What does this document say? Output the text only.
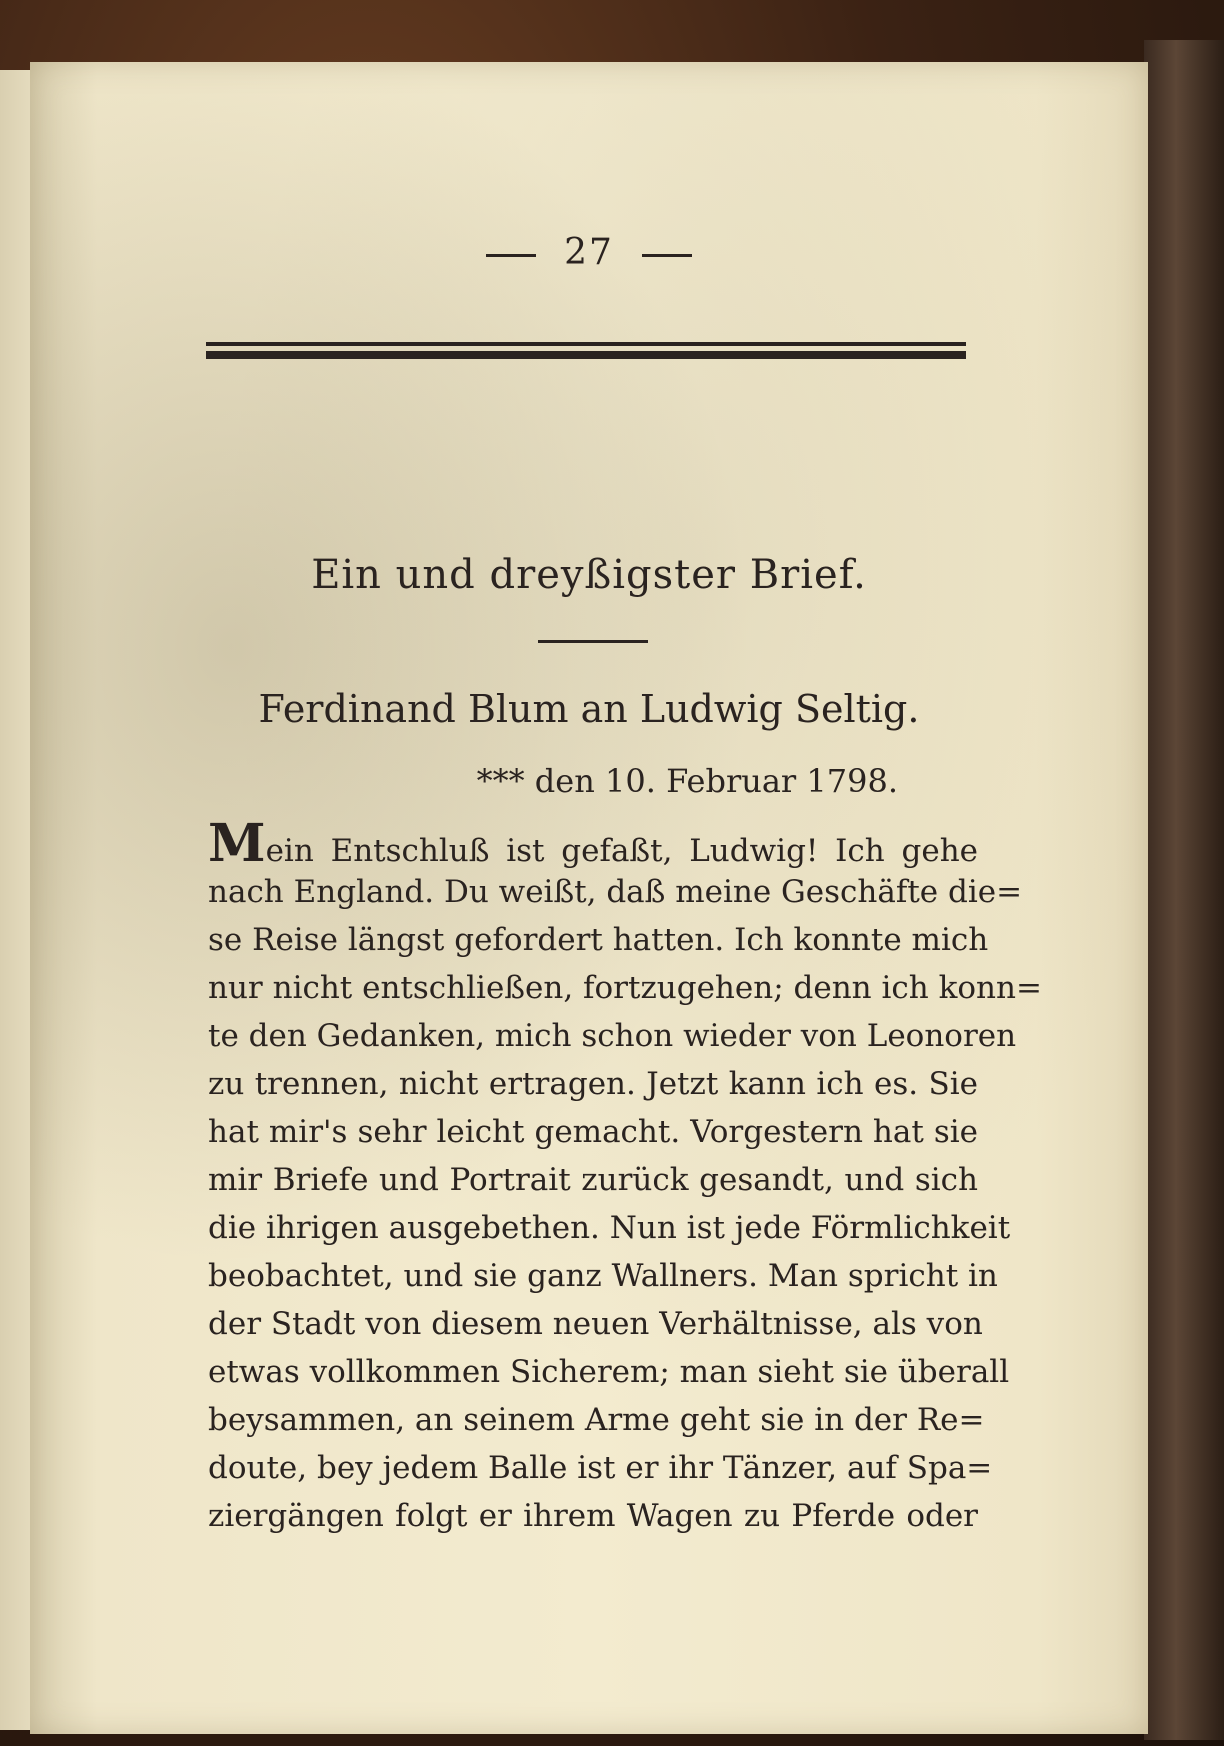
27
Ein und dreyßigster Brief.
Ferdinand Blum an Ludwig Seltig.
*** den 10. Februar 1798.
Mein Entschluß ist gefaßt, Ludwig! Ich gehe
nach England. Du weißt, daß meine Geschäfte die=
se Reise längst gefordert hatten. Ich konnte mich
nur nicht entschließen, fortzugehen; denn ich konn=
te den Gedanken, mich schon wieder von Leonoren
zu trennen, nicht ertragen. Jetzt kann ich es. Sie
hat mir's sehr leicht gemacht. Vorgestern hat sie
mir Briefe und Portrait zurück gesandt, und sich
die ihrigen ausgebethen. Nun ist jede Förmlichkeit
beobachtet, und sie ganz Wallners. Man spricht in
der Stadt von diesem neuen Verhältnisse, als von
etwas vollkommen Sicherem; man sieht sie überall
beysammen, an seinem Arme geht sie in der Re=
doute, bey jedem Balle ist er ihr Tänzer, auf Spa=
ziergängen folgt er ihrem Wagen zu Pferde oder
